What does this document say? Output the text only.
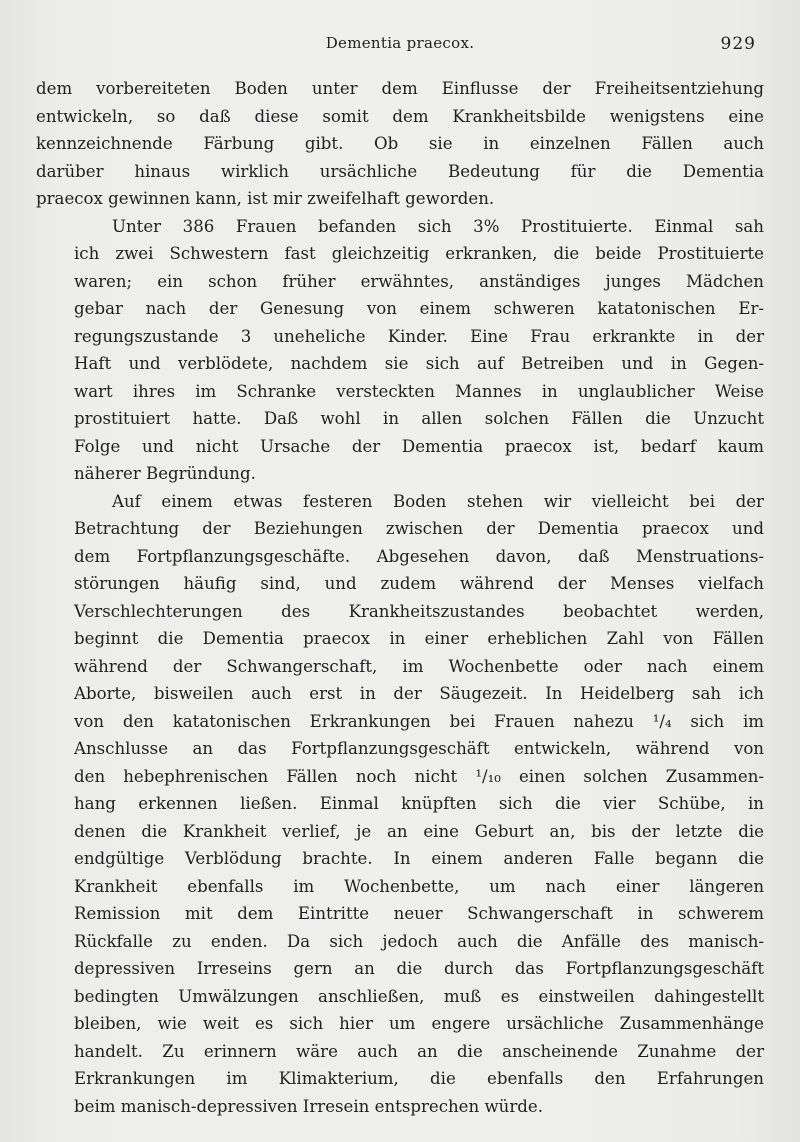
Dementia praecox.	929

dem vorbereiteten Boden unter dem Einflusse der Freiheitsentziehung
entwickeln, so daß diese somit dem Krankheitsbilde wenigstens eine
kennzeichnende Färbung gibt. Ob sie in einzelnen Fällen auch
darüber hinaus wirklich ursächliche Bedeutung für die Dementia
praecox gewinnen kann, ist mir zweifelhaft geworden.

Unter 386 Frauen befanden sich 3% Prostituierte. Einmal sah
ich zwei Schwestern fast gleichzeitig erkranken, die beide Prostituierte
waren; ein schon früher erwähntes, anständiges junges Mädchen
gebar nach der Genesung von einem schweren katatonischen Er-
regungszustande 3 uneheliche Kinder. Eine Frau erkrankte in der
Haft und verblödete, nachdem sie sich auf Betreiben und in Gegen-
wart ihres im Schranke versteckten Mannes in unglaublicher Weise
prostituiert hatte. Daß wohl in allen solchen Fällen die Unzucht
Folge und nicht Ursache der Dementia praecox ist, bedarf kaum
näherer Begründung.

Auf einem etwas festeren Boden stehen wir vielleicht bei der
Betrachtung der Beziehungen zwischen der Dementia praecox und
dem Fortpflanzungsgeschäfte. Abgesehen davon, daß Menstruations-
störungen häufig sind, und zudem während der Menses vielfach
Verschlechterungen des Krankheitszustandes beobachtet werden,
beginnt die Dementia praecox in einer erheblichen Zahl von Fällen
während der Schwangerschaft, im Wochenbette oder nach einem
Aborte, bisweilen auch erst in der Säugezeit. In Heidelberg sah ich
von den katatonischen Erkrankungen bei Frauen nahezu ¹/₄ sich im
Anschlusse an das Fortpflanzungsgeschäft entwickeln, während von
den hebephrenischen Fällen noch nicht ¹/₁₀ einen solchen Zusammen-
hang erkennen ließen. Einmal knüpften sich die vier Schübe, in
denen die Krankheit verlief, je an eine Geburt an, bis der letzte die
endgültige Verblödung brachte. In einem anderen Falle begann die
Krankheit ebenfalls im Wochenbette, um nach einer längeren
Remission mit dem Eintritte neuer Schwangerschaft in schwerem
Rückfalle zu enden. Da sich jedoch auch die Anfälle des manisch-
depressiven Irreseins gern an die durch das Fortpflanzungsgeschäft
bedingten Umwälzungen anschließen, muß es einstweilen dahingestellt
bleiben, wie weit es sich hier um engere ursächliche Zusammenhänge
handelt. Zu erinnern wäre auch an die anscheinende Zunahme der
Erkrankungen im Klimakterium, die ebenfalls den Erfahrungen
beim manisch-depressiven Irresein entsprechen würde.
